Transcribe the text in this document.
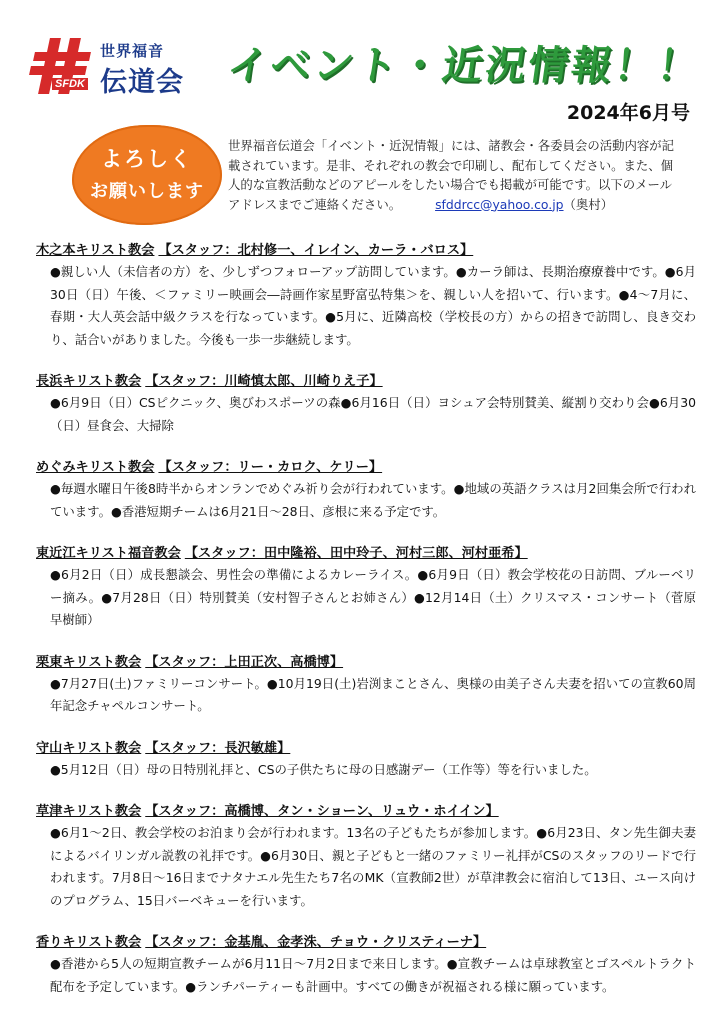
SFDK
世界福音
伝道会 イベント・近況情報！！
2024年6月号
よろしく
お願いします
世界福音伝道会「イベント・近況情報」には、諸教会・各委員会の活動内容が記載されています。是非、それぞれの教会で印刷し、配布してください。また、個人的な宣教活動などのアピールをしたい場合でも掲載が可能です。以下のメールアドレスまでご連絡ください。	sfddrcc@yahoo.co.jp（奥村）
木之本キリスト教会 【スタッフ：北村修一、イレイン、カーラ・バロス】
●親しい人（未信者の方）を、少しずつフォローアップ訪問しています。●カーラ師は、長期治療療養中です。●6月30日（日）午後、＜ファミリー映画会―詩画作家星野富弘特集＞を、親しい人を招いて、行います。●4～7月に、春期・大人英会話中級クラスを行なっています。●5月に、近隣高校（学校長の方）からの招きで訪問し、良き交わり、話合いがありました。今後も一歩一歩継続します。
長浜キリスト教会 【スタッフ：川崎慎太郎、川崎りえ子】
●6月9日（日）CSピクニック、奥びわスポーツの森●6月16日（日）ヨシュア会特別賛美、縦割り交わり会●6月30（日）昼食会、大掃除
めぐみキリスト教会 【スタッフ：リー・カロク、ケリー】
●毎週水曜日午後8時半からオンランでめぐみ祈り会が行われています。●地域の英語クラスは月2回集会所で行われています。●香港短期チームは6月21日～28日、彦根に来る予定です。
東近江キリスト福音教会 【スタッフ：田中隆裕、田中玲子、河村三郎、河村亜希】
●6月2日（日）成長懇談会、男性会の準備によるカレーライス。●6月9日（日）教会学校花の日訪問、ブルーベリー摘み。●7月28日（日）特別賛美（安村智子さんとお姉さん）●12月14日（土）クリスマス・コンサート（菅原早樹師）
栗東キリスト教会 【スタッフ：上田正次、高橋博】
●7月27日(土)ファミリーコンサート。●10月19日(土)岩渕まことさん、奥様の由美子さん夫妻を招いての宣教60周年記念チャペルコンサート。
守山キリスト教会 【スタッフ：長沢敏雄】
●5月12日（日）母の日特別礼拝と、CSの子供たちに母の日感謝デー（工作等）等を行いました。
草津キリスト教会 【スタッフ：高橋博、タン・ショーン、リュウ・ホイイン】
●6月1～2日、教会学校のお泊まり会が行われます。13名の子どもたちが参加します。●6月23日、タン先生御夫妻によるバイリンガル説教の礼拝です。●6月30日、親と子どもと一緒のファミリー礼拝がCSのスタッフのリードで行われます。7月8日～16日までナタナエル先生たち7名のMK（宣教師2世）が草津教会に宿泊して13日、ユース向けのプログラム、15日バーベキューを行います。
香りキリスト教会 【スタッフ：金基胤、金孝洙、チョウ・クリスティーナ】
●香港から5人の短期宣教チームが6月11日～7月2日まで来日します。●宣教チームは卓球教室とゴスペルトラクト配布を予定しています。●ランチパーティーも計画中。すべての働きが祝福される様に願っています。
